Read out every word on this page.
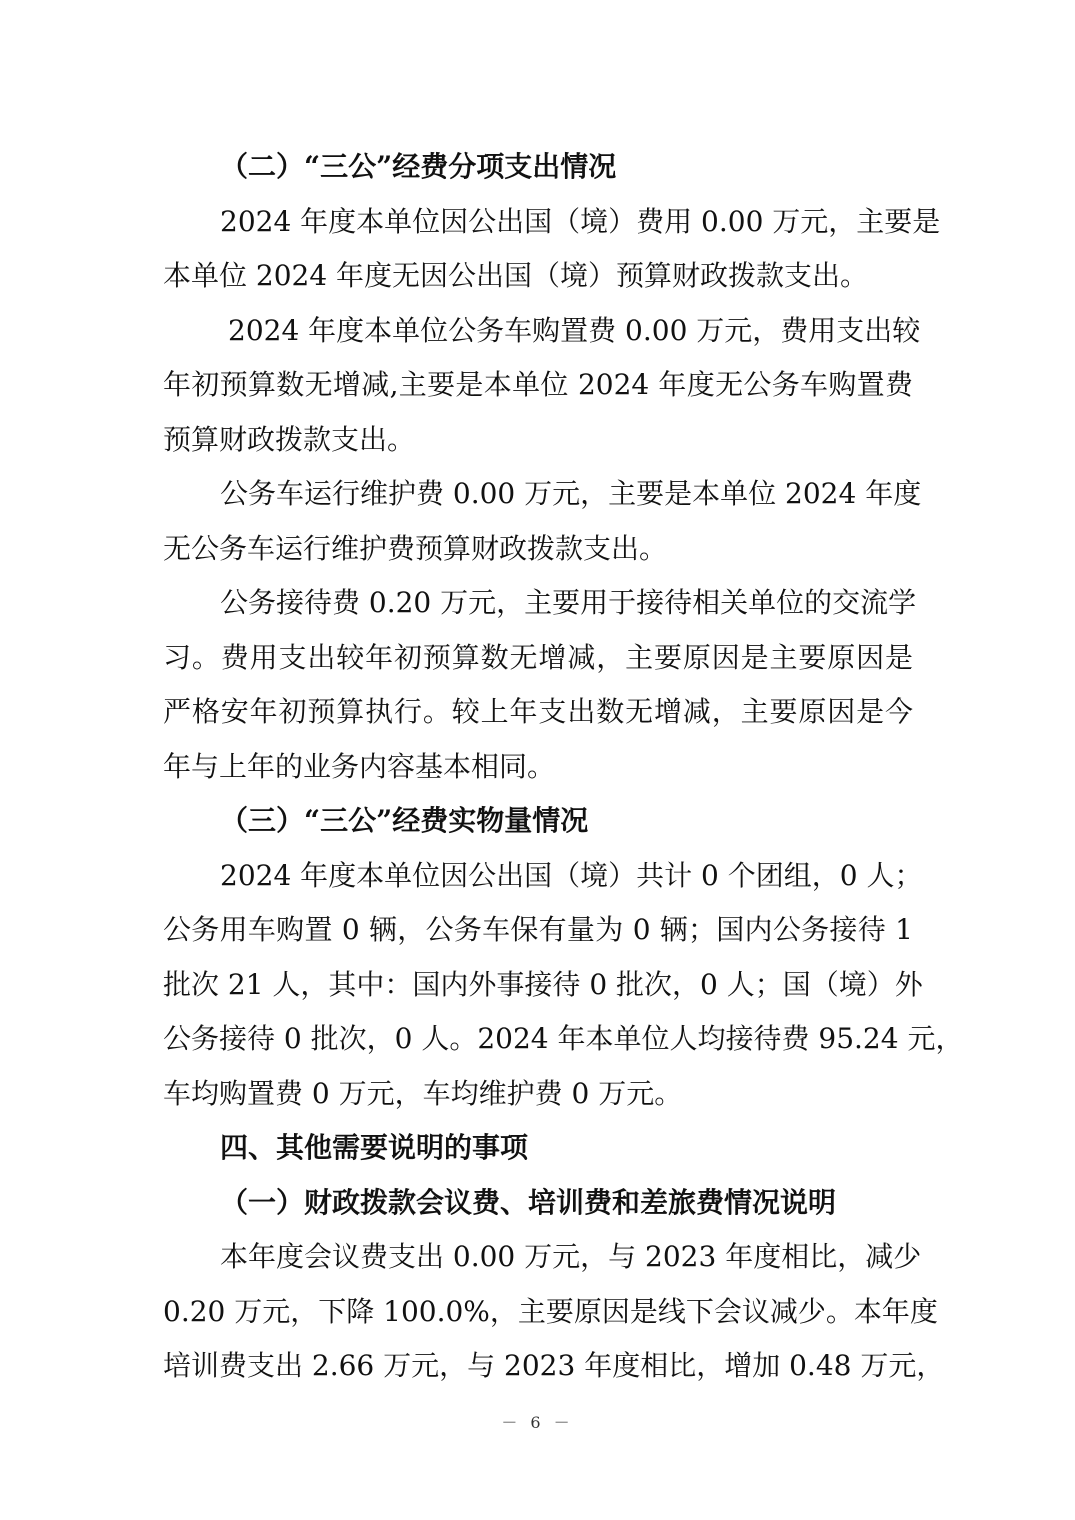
（二）“三公”经费分项支出情况
2024 年度本单位因公出国（境）费用 0.00 万元，主要是
本单位 2024 年度无因公出国（境）预算财政拨款支出。
2024 年度本单位公务车购置费 0.00 万元，费用支出较
年初预算数无增减,主要是本单位 2024 年度无公务车购置费
预算财政拨款支出。
公务车运行维护费 0.00 万元，主要是本单位 2024 年度
无公务车运行维护费预算财政拨款支出。
公务接待费 0.20 万元，主要用于接待相关单位的交流学
习。费用支出较年初预算数无增减，主要原因是主要原因是
严格安年初预算执行。较上年支出数无增减，主要原因是今
年与上年的业务内容基本相同。
（三）“三公”经费实物量情况
2024 年度本单位因公出国（境）共计 0 个团组，0 人；
公务用车购置 0 辆，公务车保有量为 0 辆；国内公务接待 1
批次 21 人，其中：国内外事接待 0 批次，0 人；国（境）外
公务接待 0 批次，0 人。2024 年本单位人均接待费 95.24 元，
车均购置费 0 万元，车均维护费 0 万元。
四、其他需要说明的事项
（一）财政拨款会议费、培训费和差旅费情况说明
本年度会议费支出 0.00 万元，与 2023 年度相比，减少
0.20 万元，下降 100.0%，主要原因是线下会议减少。本年度
培训费支出 2.66 万元，与 2023 年度相比，增加 0.48 万元，
－ 6 －
